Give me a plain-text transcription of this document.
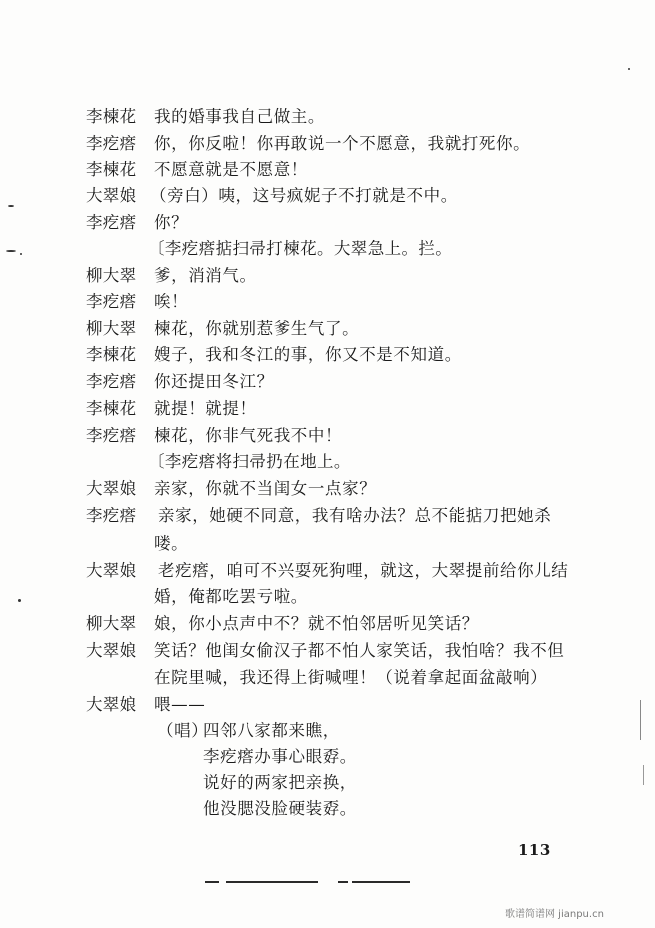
李楝花 我的婚事我自己做主。
李疙瘩 你，你反啦！你再敢说一个不愿意，我就打死你。
李楝花 不愿意就是不愿意！
大翠娘 （旁白）咦，这号疯妮子不打就是不中。
李疙瘩 你？
〔李疙瘩掂扫帚打楝花。大翠急上。拦。
柳大翠 爹，消消气。
李疙瘩 唉！
柳大翠 楝花，你就别惹爹生气了。
李楝花 嫂子，我和冬江的事，你又不是不知道。
李疙瘩 你还提田冬江？
李楝花 就提！就提！
李疙瘩 楝花，你非气死我不中！
〔李疙瘩将扫帚扔在地上。
大翠娘 亲家，你就不当闺女一点家？
李疙瘩 亲家，她硬不同意，我有啥办法？总不能掂刀把她杀
喽。
大翠娘 老疙瘩，咱可不兴耍死狗哩，就这，大翠提前给你儿结
婚，俺都吃罢亏啦。
柳大翠 娘，你小点声中不？就不怕邻居听见笑话？
大翠娘 笑话？他闺女偷汉子都不怕人家笑话，我怕啥？我不但
在院里喊，我还得上街喊哩！（说着拿起面盆敲响）
大翠娘 喂——
（唱）
四邻八家都来瞧，
李疙瘩办事心眼孬。
说好的两家把亲换，
他没腮没脸硬装孬。
113
歌谱简谱网 jianpu.cn
